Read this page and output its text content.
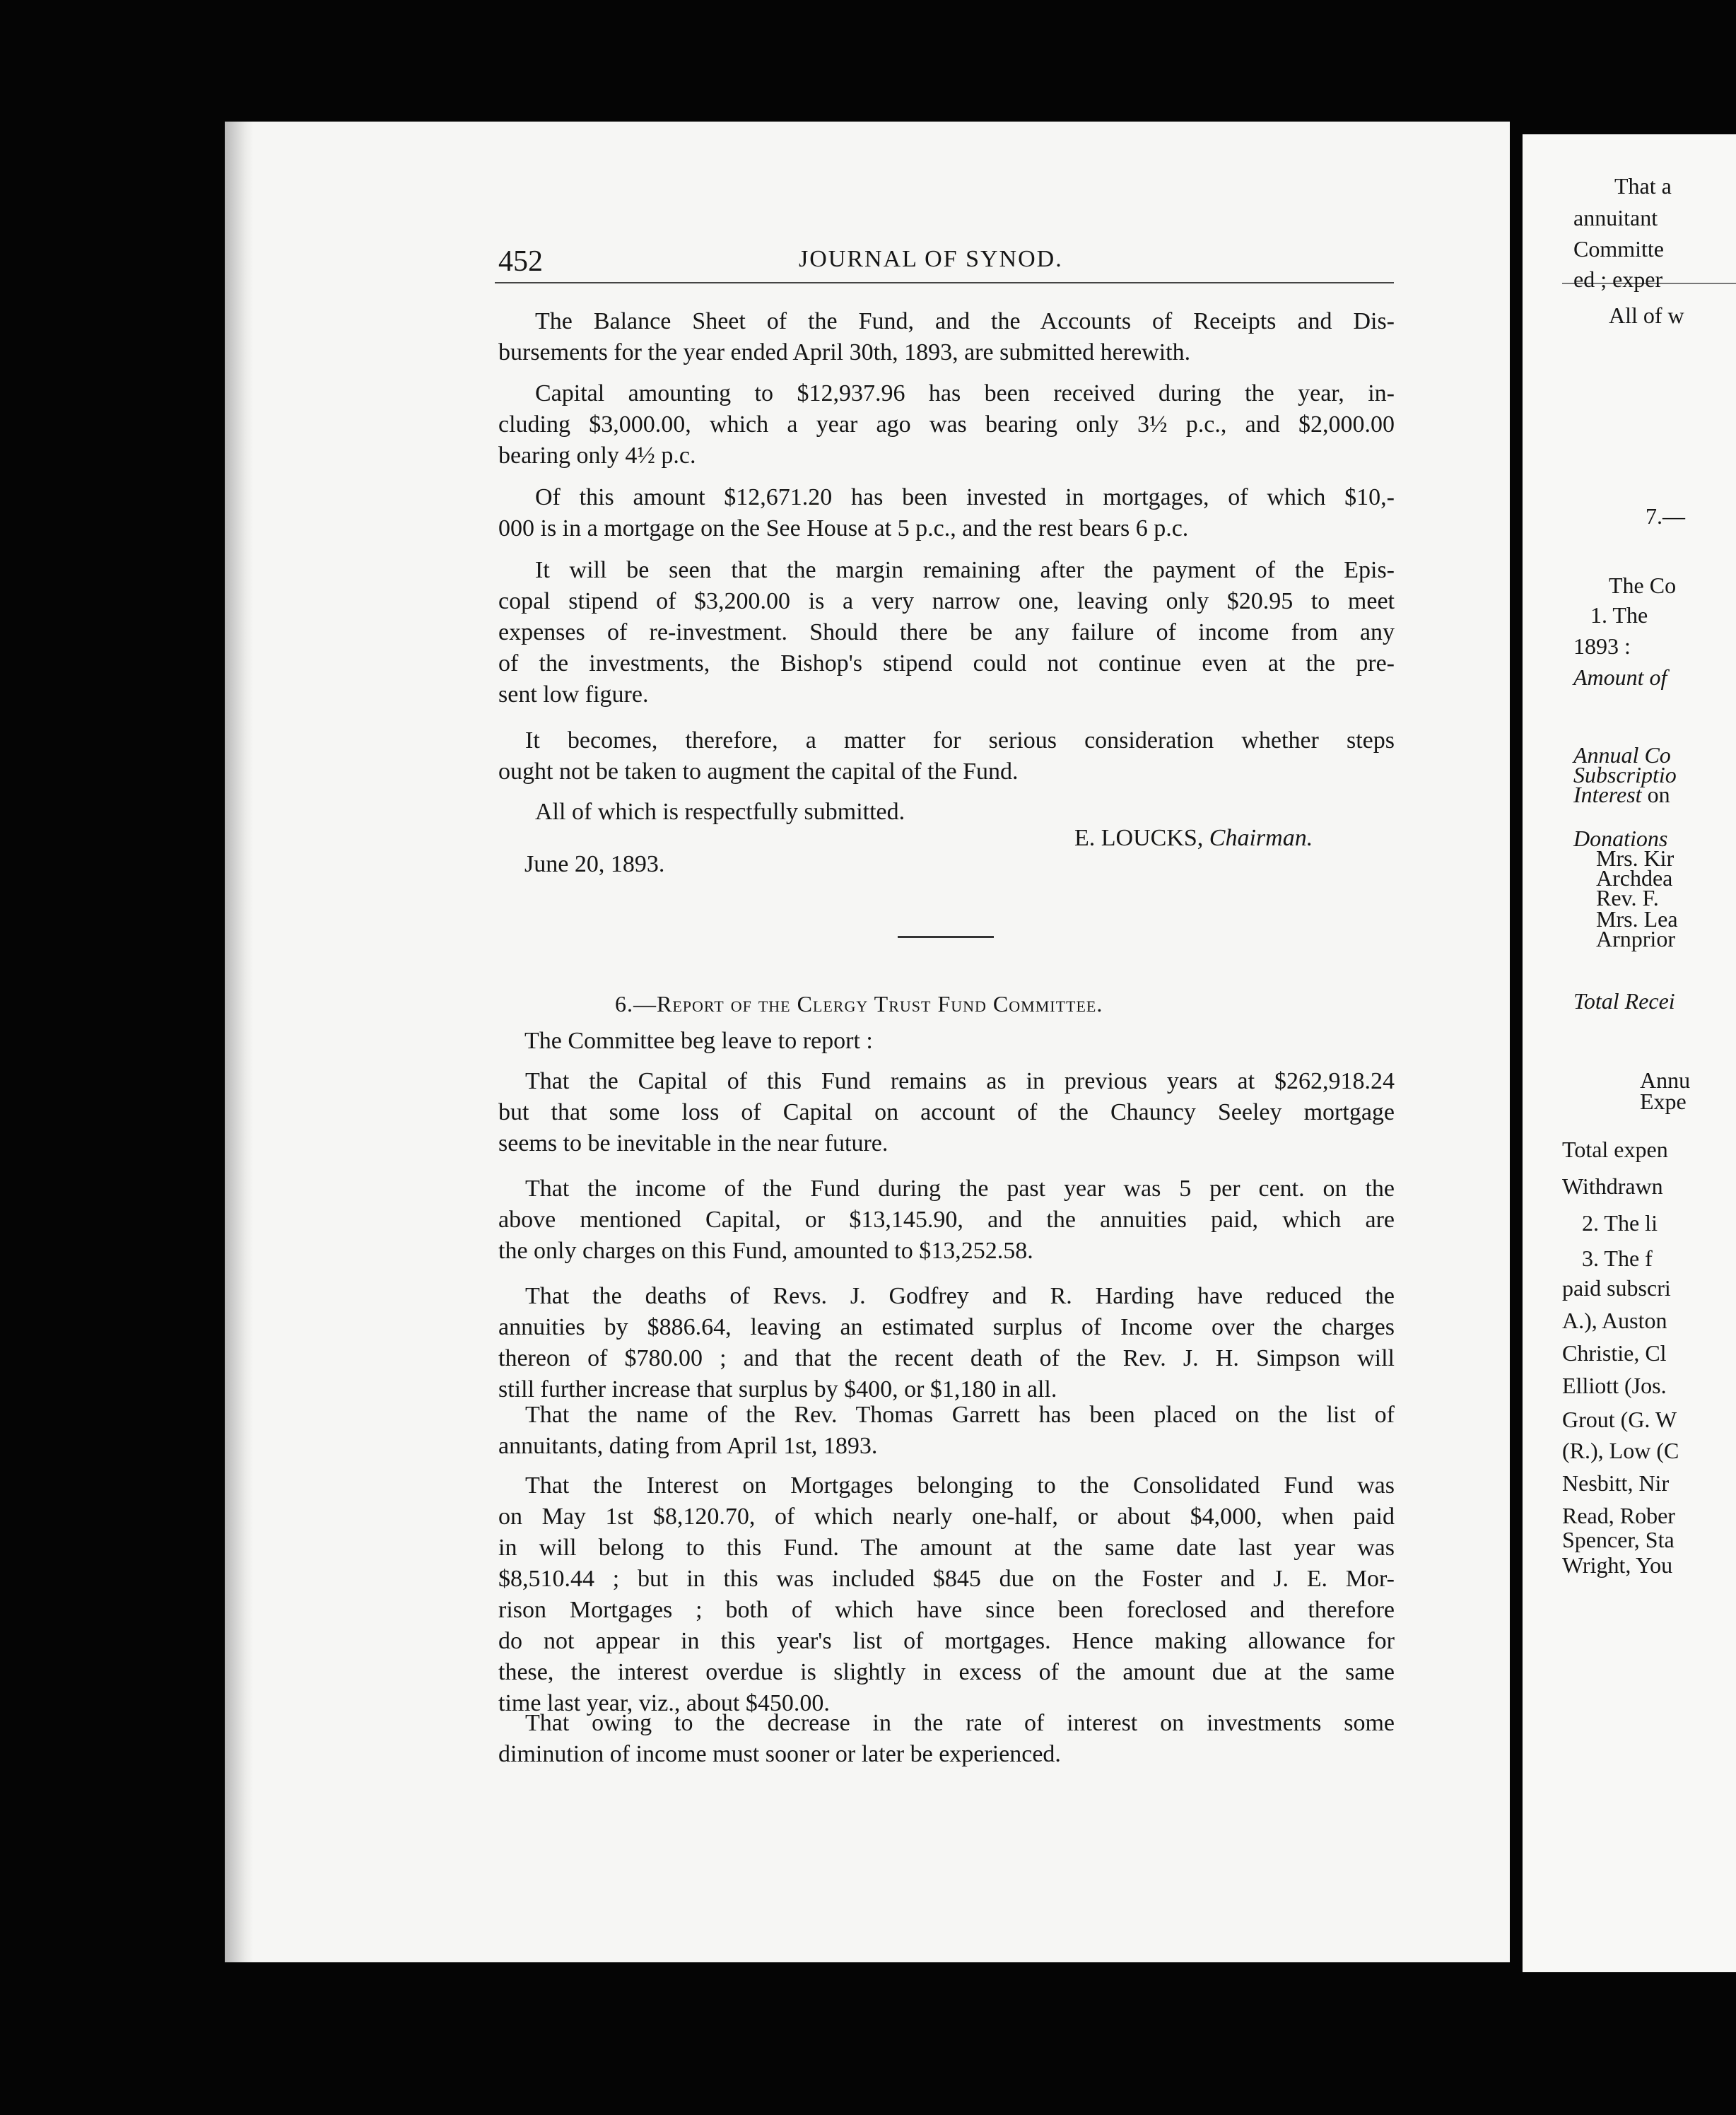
452	JOURNAL OF SYNOD.
The Balance Sheet of the Fund, and the Accounts of Receipts and Dis-
bursements for the year ended April 30th, 1893, are submitted herewith.
Capital amounting to $12,937.96 has been received during the year, in-
cluding $3,000.00, which a year ago was bearing only 3½ p.c., and $2,000.00
bearing only 4½ p.c.
Of this amount $12,671.20 has been invested in mortgages, of which $10,-
000 is in a mortgage on the See House at 5 p.c., and the rest bears 6 p.c.
It will be seen that the margin remaining after the payment of the Epis-
copal stipend of $3,200.00 is a very narrow one, leaving only $20.95 to meet
expenses of re-investment. Should there be any failure of income from any
of the investments, the Bishop's stipend could not continue even at the pre-
sent low figure.
It becomes, therefore, a matter for serious consideration whether steps
ought not be taken to augment the capital of the Fund.
All of which is respectfully submitted.
E. LOUCKS, Chairman.
June 20, 1893.
6.—Report of the Clergy Trust Fund Committee.
The Committee beg leave to report :
That the Capital of this Fund remains as in previous years at $262,918.24
but that some loss of Capital on account of the Chauncy Seeley mortgage
seems to be inevitable in the near future.
That the income of the Fund during the past year was 5 per cent. on the
above mentioned Capital, or $13,145.90, and the annuities paid, which are
the only charges on this Fund, amounted to $13,252.58.
That the deaths of Revs. J. Godfrey and R. Harding have reduced the
annuities by $886.64, leaving an estimated surplus of Income over the charges
thereon of $780.00 ; and that the recent death of the Rev. J. H. Simpson will
still further increase that surplus by $400, or $1,180 in all.
That the name of the Rev. Thomas Garrett has been placed on the list of
annuitants, dating from April 1st, 1893.
That the Interest on Mortgages belonging to the Consolidated Fund was
on May 1st $8,120.70, of which nearly one-half, or about $4,000, when paid
in will belong to this Fund. The amount at the same date last year was
$8,510.44 ; but in this was included $845 due on the Foster and J. E. Mor-
rison Mortgages ; both of which have since been foreclosed and therefore
do not appear in this year's list of mortgages. Hence making allowance for
these, the interest overdue is slightly in excess of the amount due at the same
time last year, viz., about $450.00.
That owing to the decrease in the rate of interest on investments some
diminution of income must sooner or later be experienced.
That a
annuitant
Committe
ed ; exper
All of w
7.—
The Co
1. The
1893 :
Amount of
Annual Co
Subscriptio
Interest on
Donations
Mrs. Kir
Archdea
Rev. F.
Mrs. Lea
Arnprior
Total Recei
Annu
Expe
Total expen
Withdrawn
2. The li
3. The f
paid subscri
A.), Auston
Christie, Cl
Elliott (Jos.
Grout (G. W
(R.), Low (C
Nesbitt, Nir
Read, Rober
Spencer, Sta
Wright, You
